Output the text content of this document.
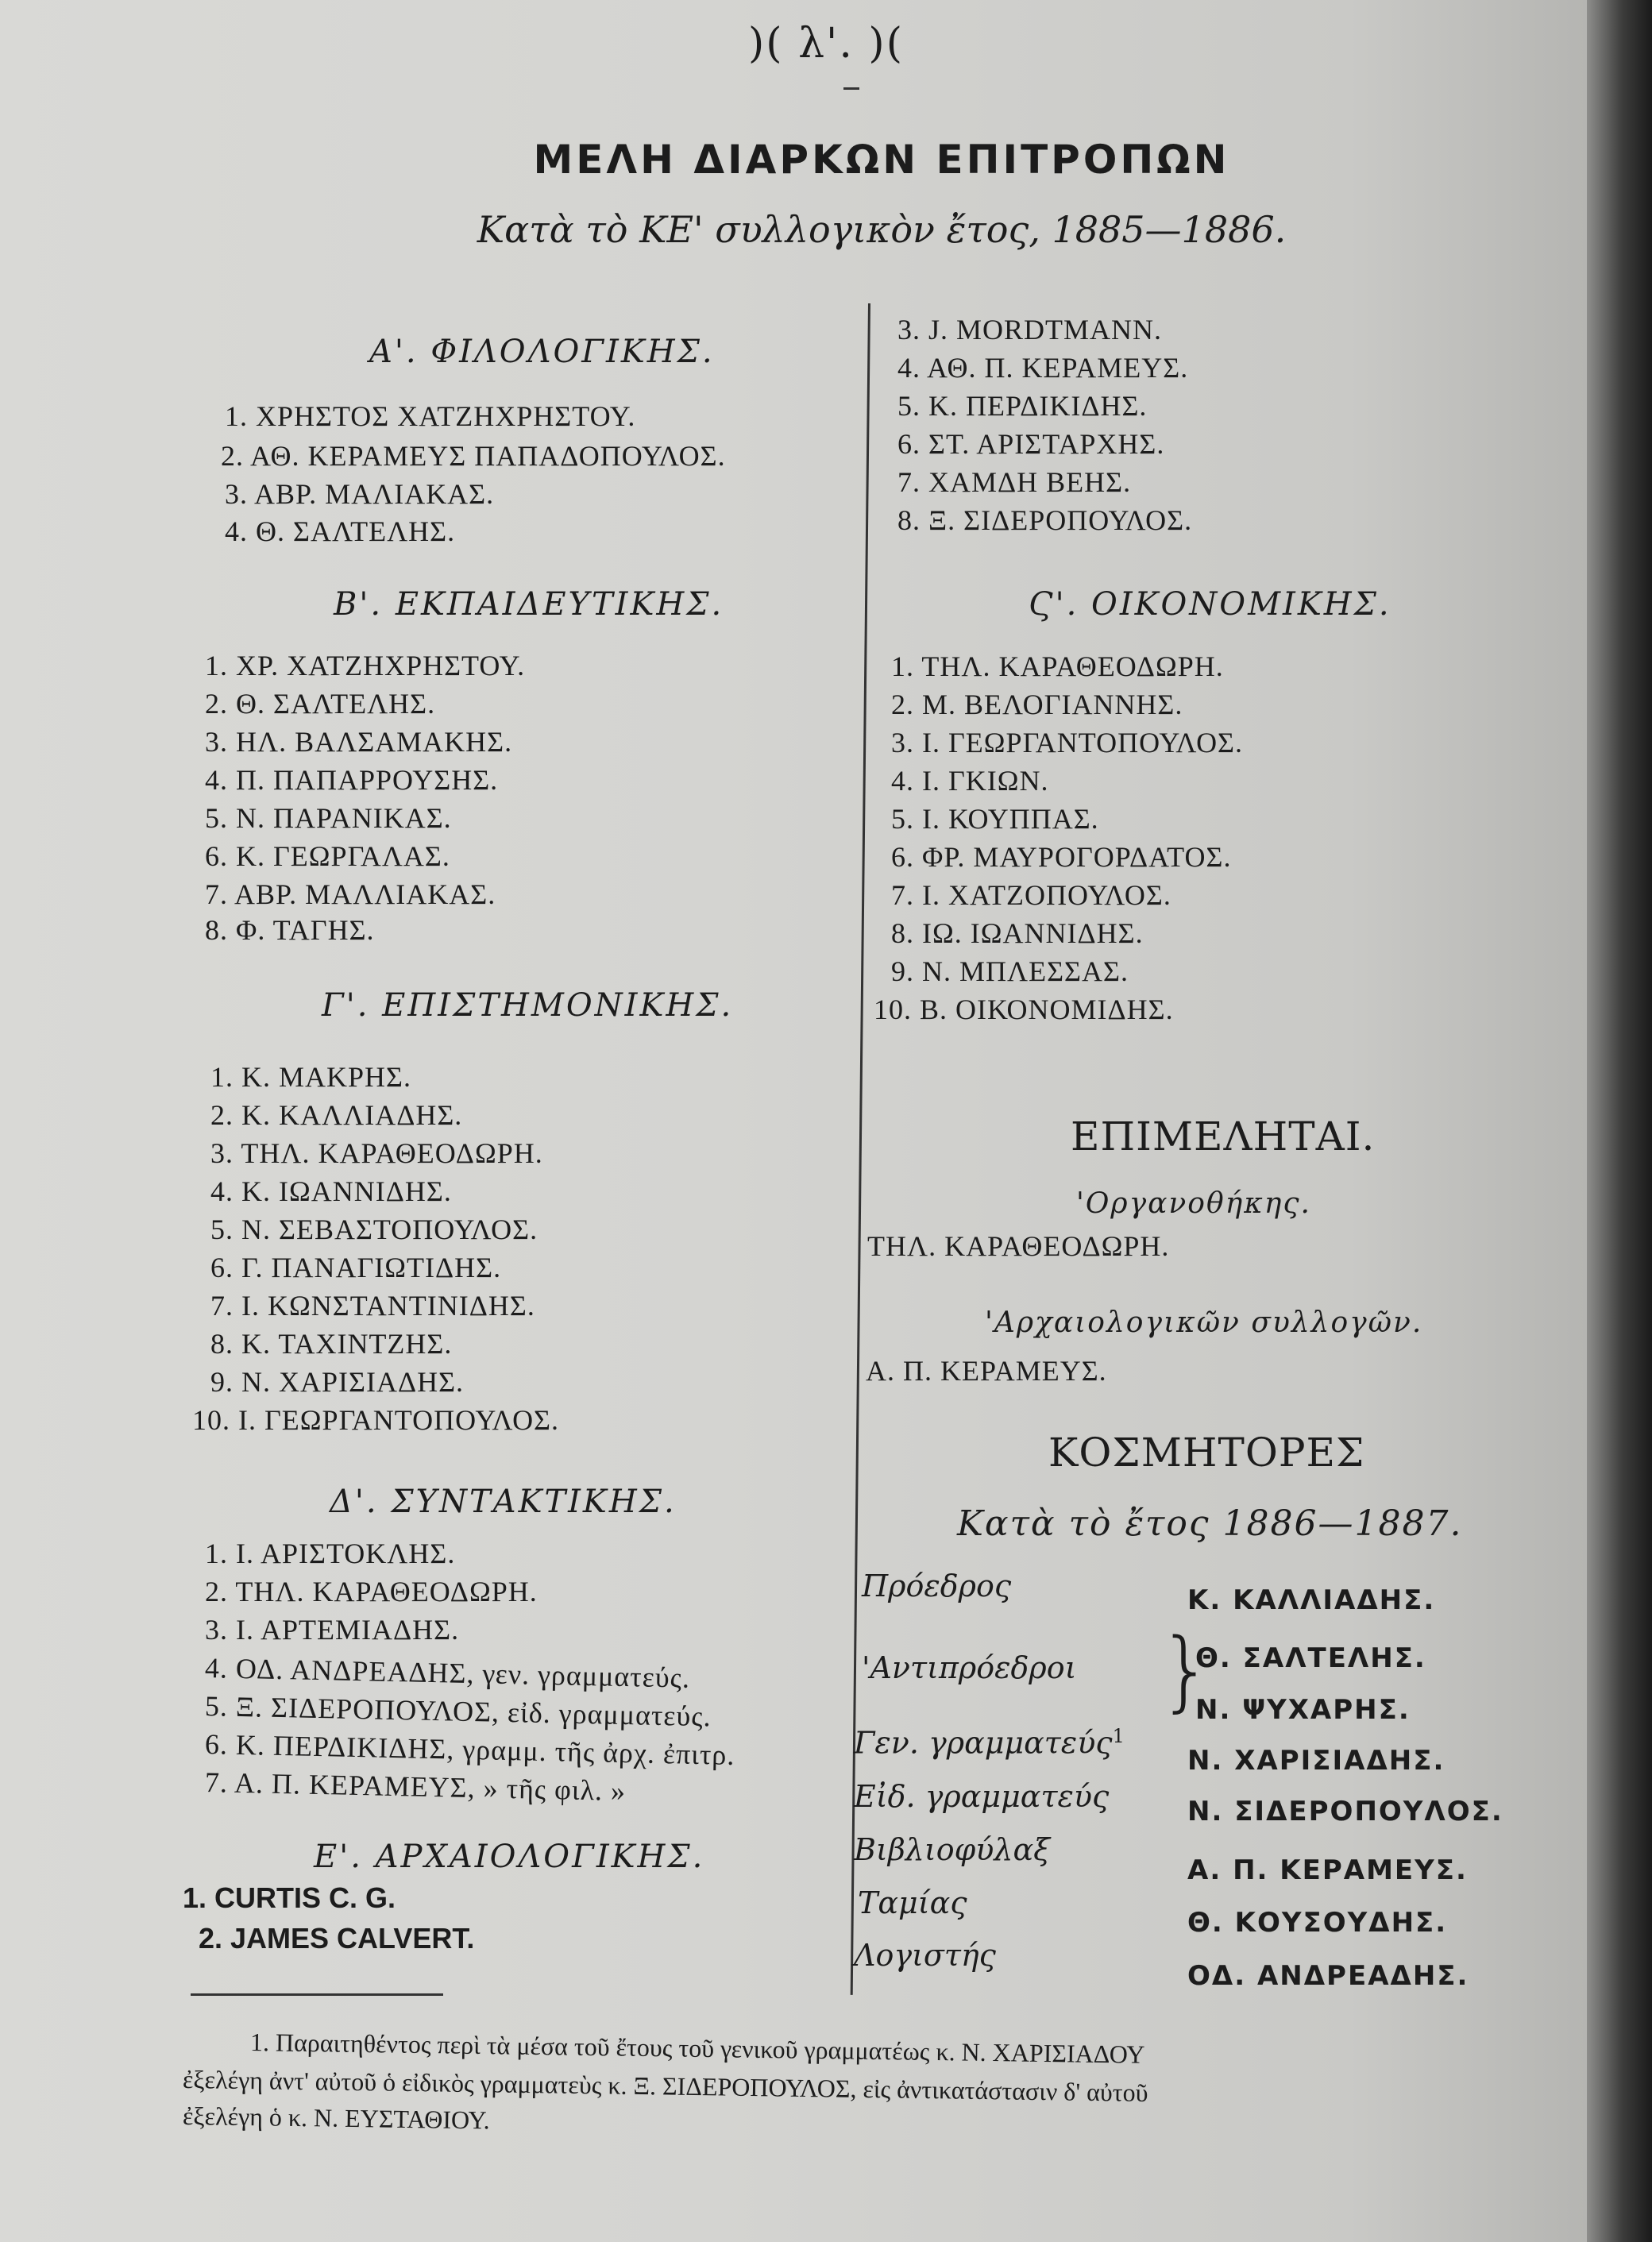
)( λ'. )(
ΜΕΛΗ ΔΙΑΡΚΩΝ ΕΠΙΤΡΟΠΩΝ
Κατὰ τὸ ΚΕ' συλλογικὸν ἔτος, 1885—1886.
Α'. ΦΙΛΟΛΟΓΙΚΗΣ.
1. ΧΡΗΣΤΟΣ ΧΑΤΖΗΧΡΗΣΤΟΥ.
2. ΑΘ. ΚΕΡΑΜΕΥΣ ΠΑΠΑΔΟΠΟΥΛΟΣ.
3. ΑΒΡ. ΜΑΛΙΑΚΑΣ.
4. Θ. ΣΑΛΤΕΛΗΣ.
Β'. ΕΚΠΑΙΔΕΥΤΙΚΗΣ.
1. ΧΡ. ΧΑΤΖΗΧΡΗΣΤΟΥ.
2. Θ. ΣΑΛΤΕΛΗΣ.
3. ΗΛ. ΒΑΛΣΑΜΑΚΗΣ.
4. Π. ΠΑΠΑΡΡΟΥΣΗΣ.
5. Ν. ΠΑΡΑΝΙΚΑΣ.
6. Κ. ΓΕΩΡΓΑΛΑΣ.
7. ΑΒΡ. ΜΑΛΛΙΑΚΑΣ.
8. Φ. ΤΑΓΗΣ.
Γ'. ΕΠΙΣΤΗΜΟΝΙΚΗΣ.
1. Κ. ΜΑΚΡΗΣ.
2. Κ. ΚΑΛΛΙΑΔΗΣ.
3. ΤΗΛ. ΚΑΡΑΘΕΟΔΩΡΗ.
4. Κ. ΙΩΑΝΝΙΔΗΣ.
5. Ν. ΣΕΒΑΣΤΟΠΟΥΛΟΣ.
6. Γ. ΠΑΝΑΓΙΩΤΙΔΗΣ.
7. Ι. ΚΩΝΣΤΑΝΤΙΝΙΔΗΣ.
8. Κ. ΤΑΧΙΝΤΖΗΣ.
9. Ν. ΧΑΡΙΣΙΑΔΗΣ.
10. Ι. ΓΕΩΡΓΑΝΤΟΠΟΥΛΟΣ.
Δ'. ΣΥΝΤΑΚΤΙΚΗΣ.
1. Ι. ΑΡΙΣΤΟΚΛΗΣ.
2. ΤΗΛ. ΚΑΡΑΘΕΟΔΩΡΗ.
3. Ι. ΑΡΤΕΜΙΑΔΗΣ.
4. ΟΔ. ΑΝΔΡΕΑΔΗΣ, γεν. γραμματεύς.
5. Ξ. ΣΙΔΕΡΟΠΟΥΛΟΣ, εἰδ. γραμματεύς.
6. Κ. ΠΕΡΔΙΚΙΔΗΣ, γραμμ. τῆς ἀρχ. ἐπιτρ.
7. Α. Π. ΚΕΡΑΜΕΥΣ, » τῆς φιλ. »
Ε'. ΑΡΧΑΙΟΛΟΓΙΚΗΣ.
1. CURTIS C. G.
2. JAMES CALVERT.
3. J. MORDTMANN.
4. ΑΘ. Π. ΚΕΡΑΜΕΥΣ.
5. Κ. ΠΕΡΔΙΚΙΔΗΣ.
6. ΣΤ. ΑΡΙΣΤΑΡΧΗΣ.
7. ΧΑΜΔΗ ΒΕΗΣ.
8. Ξ. ΣΙΔΕΡΟΠΟΥΛΟΣ.
Ϛ'. ΟΙΚΟΝΟΜΙΚΗΣ.
1. ΤΗΛ. ΚΑΡΑΘΕΟΔΩΡΗ.
2. Μ. ΒΕΛΟΓΙΑΝΝΗΣ.
3. Ι. ΓΕΩΡΓΑΝΤΟΠΟΥΛΟΣ.
4. Ι. ΓΚΙΩΝ.
5. Ι. ΚΟΥΠΠΑΣ.
6. ΦΡ. ΜΑΥΡΟΓΟΡΔΑΤΟΣ.
7. Ι. ΧΑΤΖΟΠΟΥΛΟΣ.
8. ΙΩ. ΙΩΑΝΝΙΔΗΣ.
9. Ν. ΜΠΛΕΣΣΑΣ.
10. Β. ΟΙΚΟΝΟΜΙΔΗΣ.
ΕΠΙΜΕΛΗΤΑΙ.
'Οργανοθήκης.
ΤΗΛ. ΚΑΡΑΘΕΟΔΩΡΗ.
'Αρχαιολογικῶν συλλογῶν.
Α. Π. ΚΕΡΑΜΕΥΣ.
ΚΟΣΜΗΤΟΡΕΣ
Κατὰ τὸ ἔτος 1886—1887.
Πρόεδρος
'Αντιπρόεδροι
Γεν. γραμματεύς$^1$
Εἰδ. γραμματεύς
Βιβλιοφύλαξ
Ταμίας
Λογιστής
}
Κ. ΚΑΛΛΙΑΔΗΣ.
Θ. ΣΑΛΤΕΛΗΣ.
Ν. ΨΥΧΑΡΗΣ.
Ν. ΧΑΡΙΣΙΑΔΗΣ.
Ν. ΣΙΔΕΡΟΠΟΥΛΟΣ.
Α. Π. ΚΕΡΑΜΕΥΣ.
Θ. ΚΟΥΣΟΥΔΗΣ.
ΟΔ. ΑΝΔΡΕΑΔΗΣ.
1. Παραιτηθέντος περὶ τὰ μέσα τοῦ ἔτους τοῦ γενικοῦ γραμματέως κ. Ν. ΧΑΡΙΣΙΑΔΟΥ
ἐξελέγη ἀντ' αὐτοῦ ὁ εἰδικὸς γραμματεὺς κ. Ξ. ΣΙΔΕΡΟΠΟΥΛΟΣ, εἰς ἀντικατάστασιν δ' αὐτοῦ
ἐξελέγη ὁ κ. Ν. ΕΥΣΤΑΘΙΟΥ.
